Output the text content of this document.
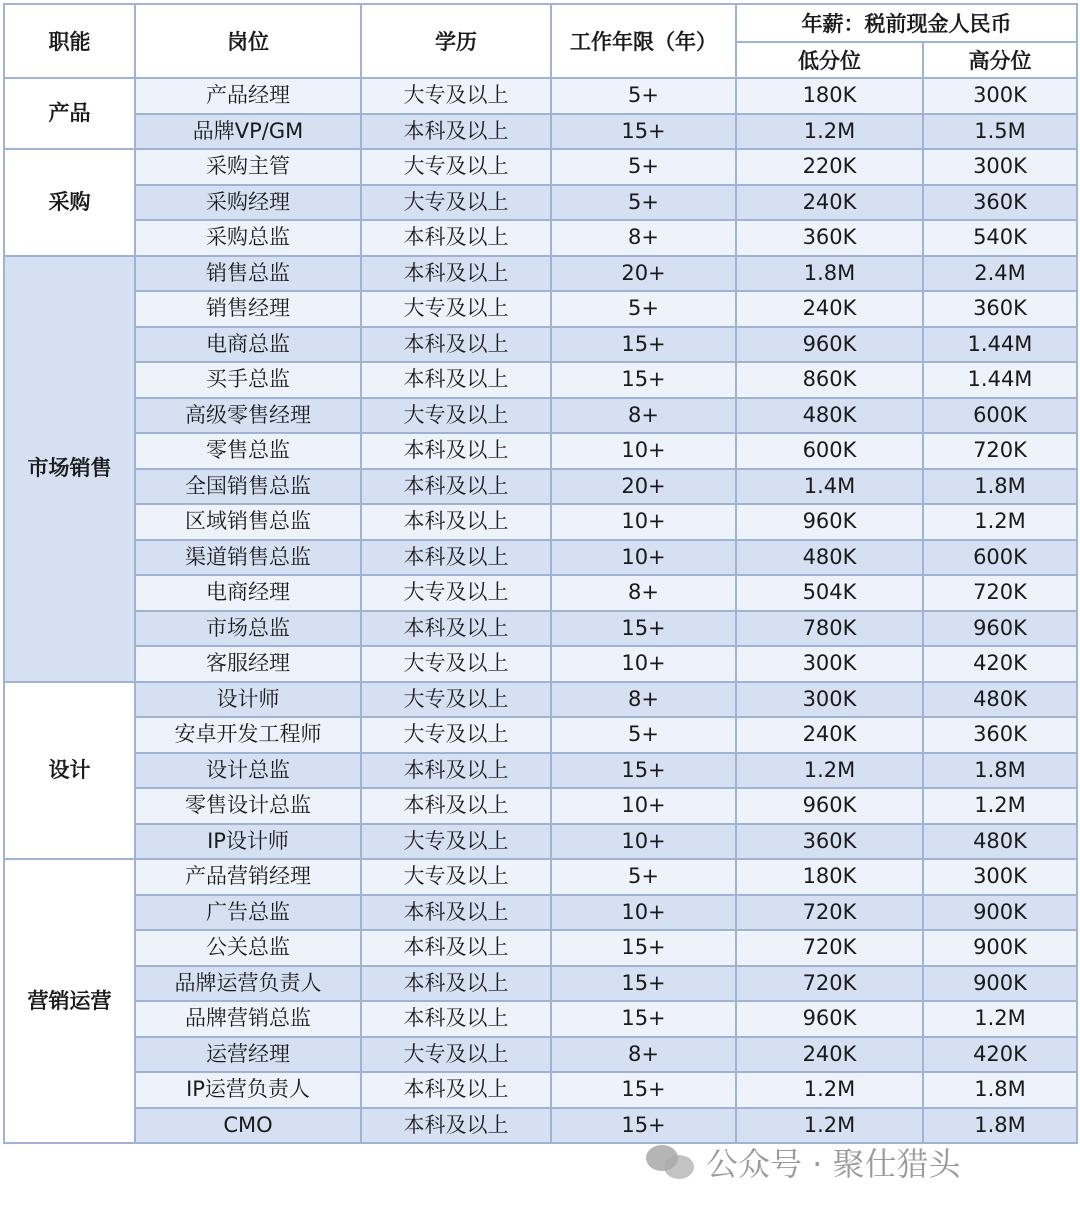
职能	岗位	学历	工作年限（年）	年薪：税前现金人民币	
				低分位	高分位
产品	产品经理	大专及以上	5+	180K	300K
	品牌VP/GM	本科及以上	15+	1.2M	1.5M
采购	采购主管	大专及以上	5+	220K	300K
	采购经理	大专及以上	5+	240K	360K
	采购总监	本科及以上	8+	360K	540K
市场销售	销售总监	本科及以上	20+	1.8M	2.4M
	销售经理	大专及以上	5+	240K	360K
	电商总监	本科及以上	15+	960K	1.44M
	买手总监	本科及以上	15+	860K	1.44M
	高级零售经理	大专及以上	8+	480K	600K
	零售总监	本科及以上	10+	600K	720K
	全国销售总监	本科及以上	20+	1.4M	1.8M
	区域销售总监	本科及以上	10+	960K	1.2M
	渠道销售总监	本科及以上	10+	480K	600K
	电商经理	大专及以上	8+	504K	720K
	市场总监	本科及以上	15+	780K	960K
	客服经理	大专及以上	10+	300K	420K
设计	设计师	大专及以上	8+	300K	480K
	安卓开发工程师	大专及以上	5+	240K	360K
	设计总监	本科及以上	15+	1.2M	1.8M
	零售设计总监	本科及以上	10+	960K	1.2M
	IP设计师	大专及以上	10+	360K	480K
营销运营	产品营销经理	大专及以上	5+	180K	300K
	广告总监	本科及以上	10+	720K	900K
	公关总监	本科及以上	15+	720K	900K
	品牌运营负责人	本科及以上	15+	720K	900K
	品牌营销总监	本科及以上	15+	960K	1.2M
	运营经理	大专及以上	8+	240K	420K
	IP运营负责人	本科及以上	15+	1.2M	1.8M
	CMO	本科及以上	15+	1.2M	1.8M
公众号 · 聚仕猎头
